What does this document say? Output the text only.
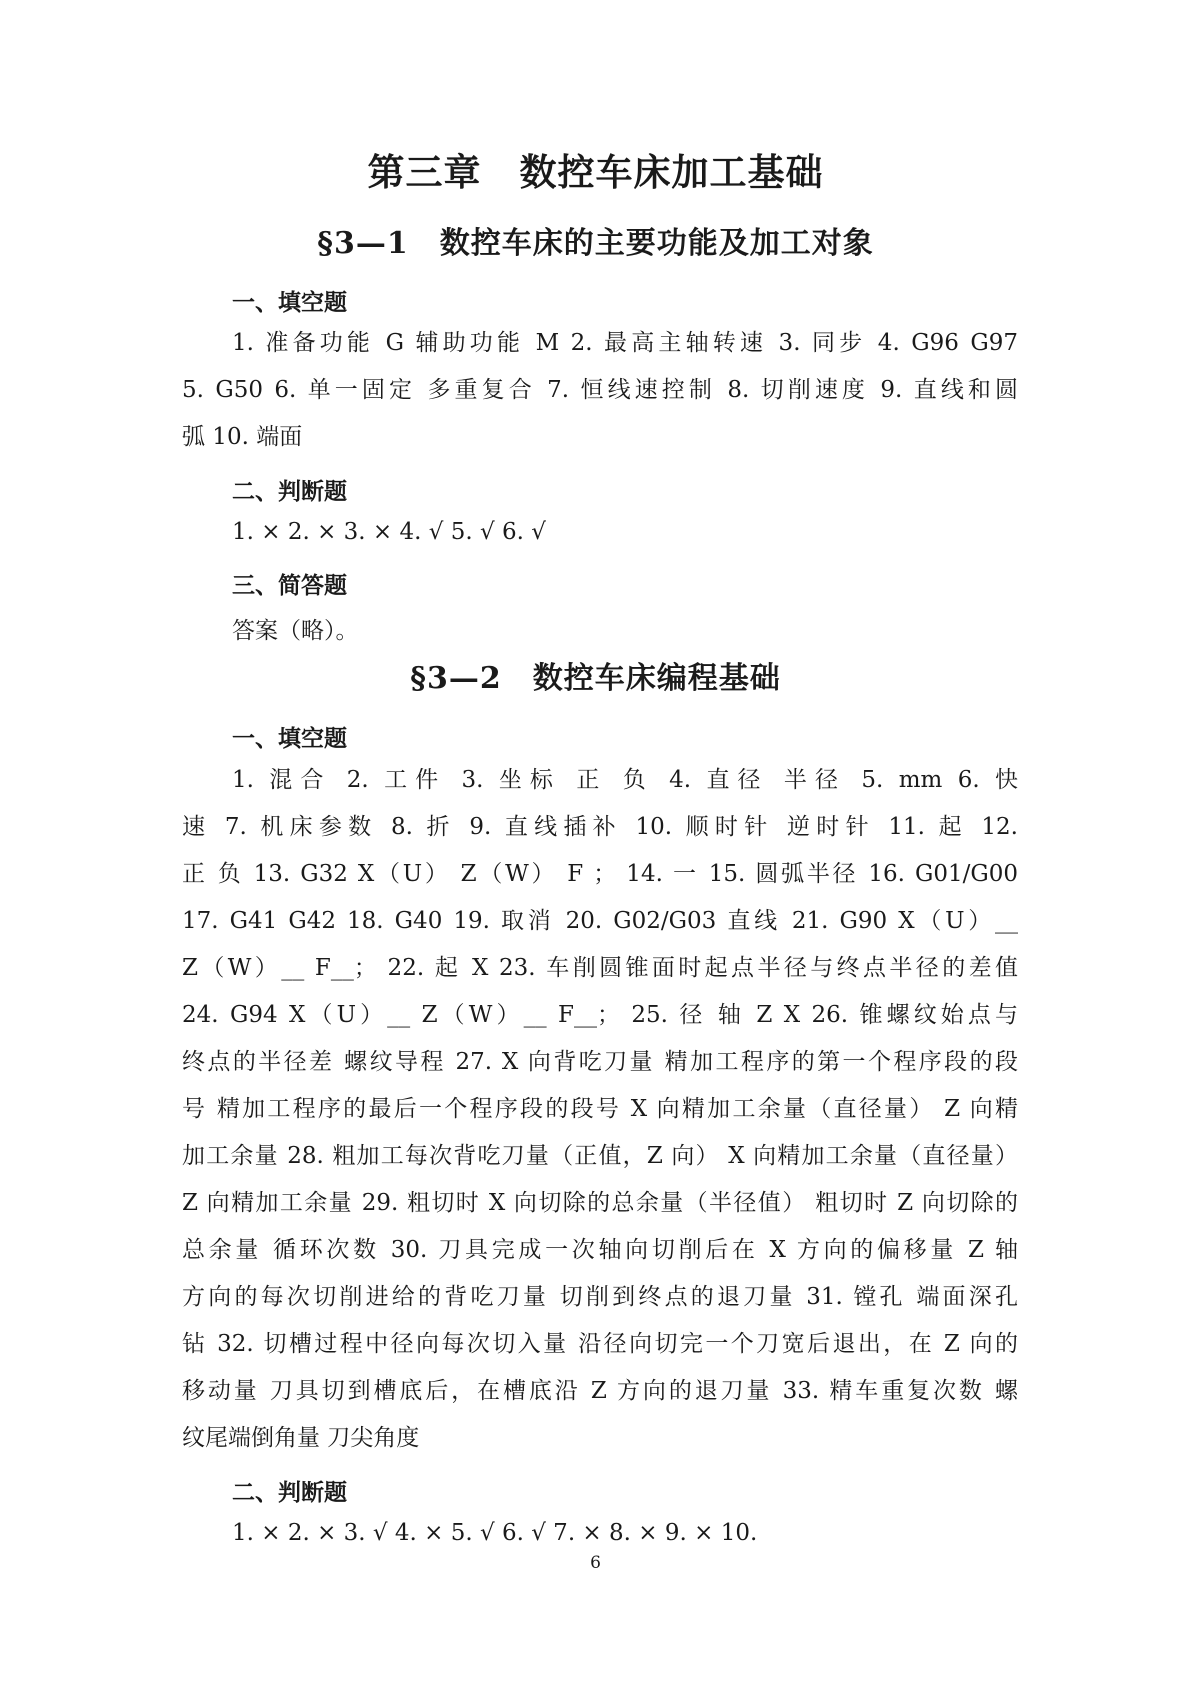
第三章　数控车床加工基础
§3—1　数控车床的主要功能及加工对象
一、填空题
1. 准备功能 G 辅助功能 M 2. 最高主轴转速 3. 同步 4. G96 G97
5. G50 6. 单一固定 多重复合 7. 恒线速控制 8. 切削速度 9. 直线和圆
弧 10. 端面
二、判断题
1. × 2. × 3. × 4. √ 5. √ 6. √
三、简答题
答案（略）。
§3—2　数控车床编程基础
一、填空题
1. 混合 2. 工件 3. 坐标 正 负 4. 直径 半径 5. mm 6. 快
速 7. 机床参数 8. 折 9. 直线插补 10. 顺时针 逆时针 11. 起 12.
正 负 13. G32 X（U） Z（W） F ； 14. 一 15. 圆弧半径 16. G01/G00
17. G41 G42 18. G40 19. 取消 20. G02/G03 直线 21. G90 X（U）__
Z（W）__ F__； 22. 起 X 23. 车削圆锥面时起点半径与终点半径的差值
24. G94 X（U）__ Z（W）__ F__； 25. 径 轴 Z X 26. 锥螺纹始点与
终点的半径差 螺纹导程 27. X 向背吃刀量 精加工程序的第一个程序段的段
号 精加工程序的最后一个程序段的段号 X 向精加工余量（直径量） Z 向精
加工余量 28. 粗加工每次背吃刀量（正值，Z 向） X 向精加工余量（直径量）
Z 向精加工余量 29. 粗切时 X 向切除的总余量（半径值） 粗切时 Z 向切除的
总余量 循环次数 30. 刀具完成一次轴向切削后在 X 方向的偏移量 Z 轴
方向的每次切削进给的背吃刀量 切削到终点的退刀量 31. 镗孔 端面深孔
钻 32. 切槽过程中径向每次切入量 沿径向切完一个刀宽后退出，在 Z 向的
移动量 刀具切到槽底后，在槽底沿 Z 方向的退刀量 33. 精车重复次数 螺
纹尾端倒角量 刀尖角度
二、判断题
1. × 2. × 3. √ 4. × 5. √ 6. √ 7. × 8. × 9. × 10.
6
